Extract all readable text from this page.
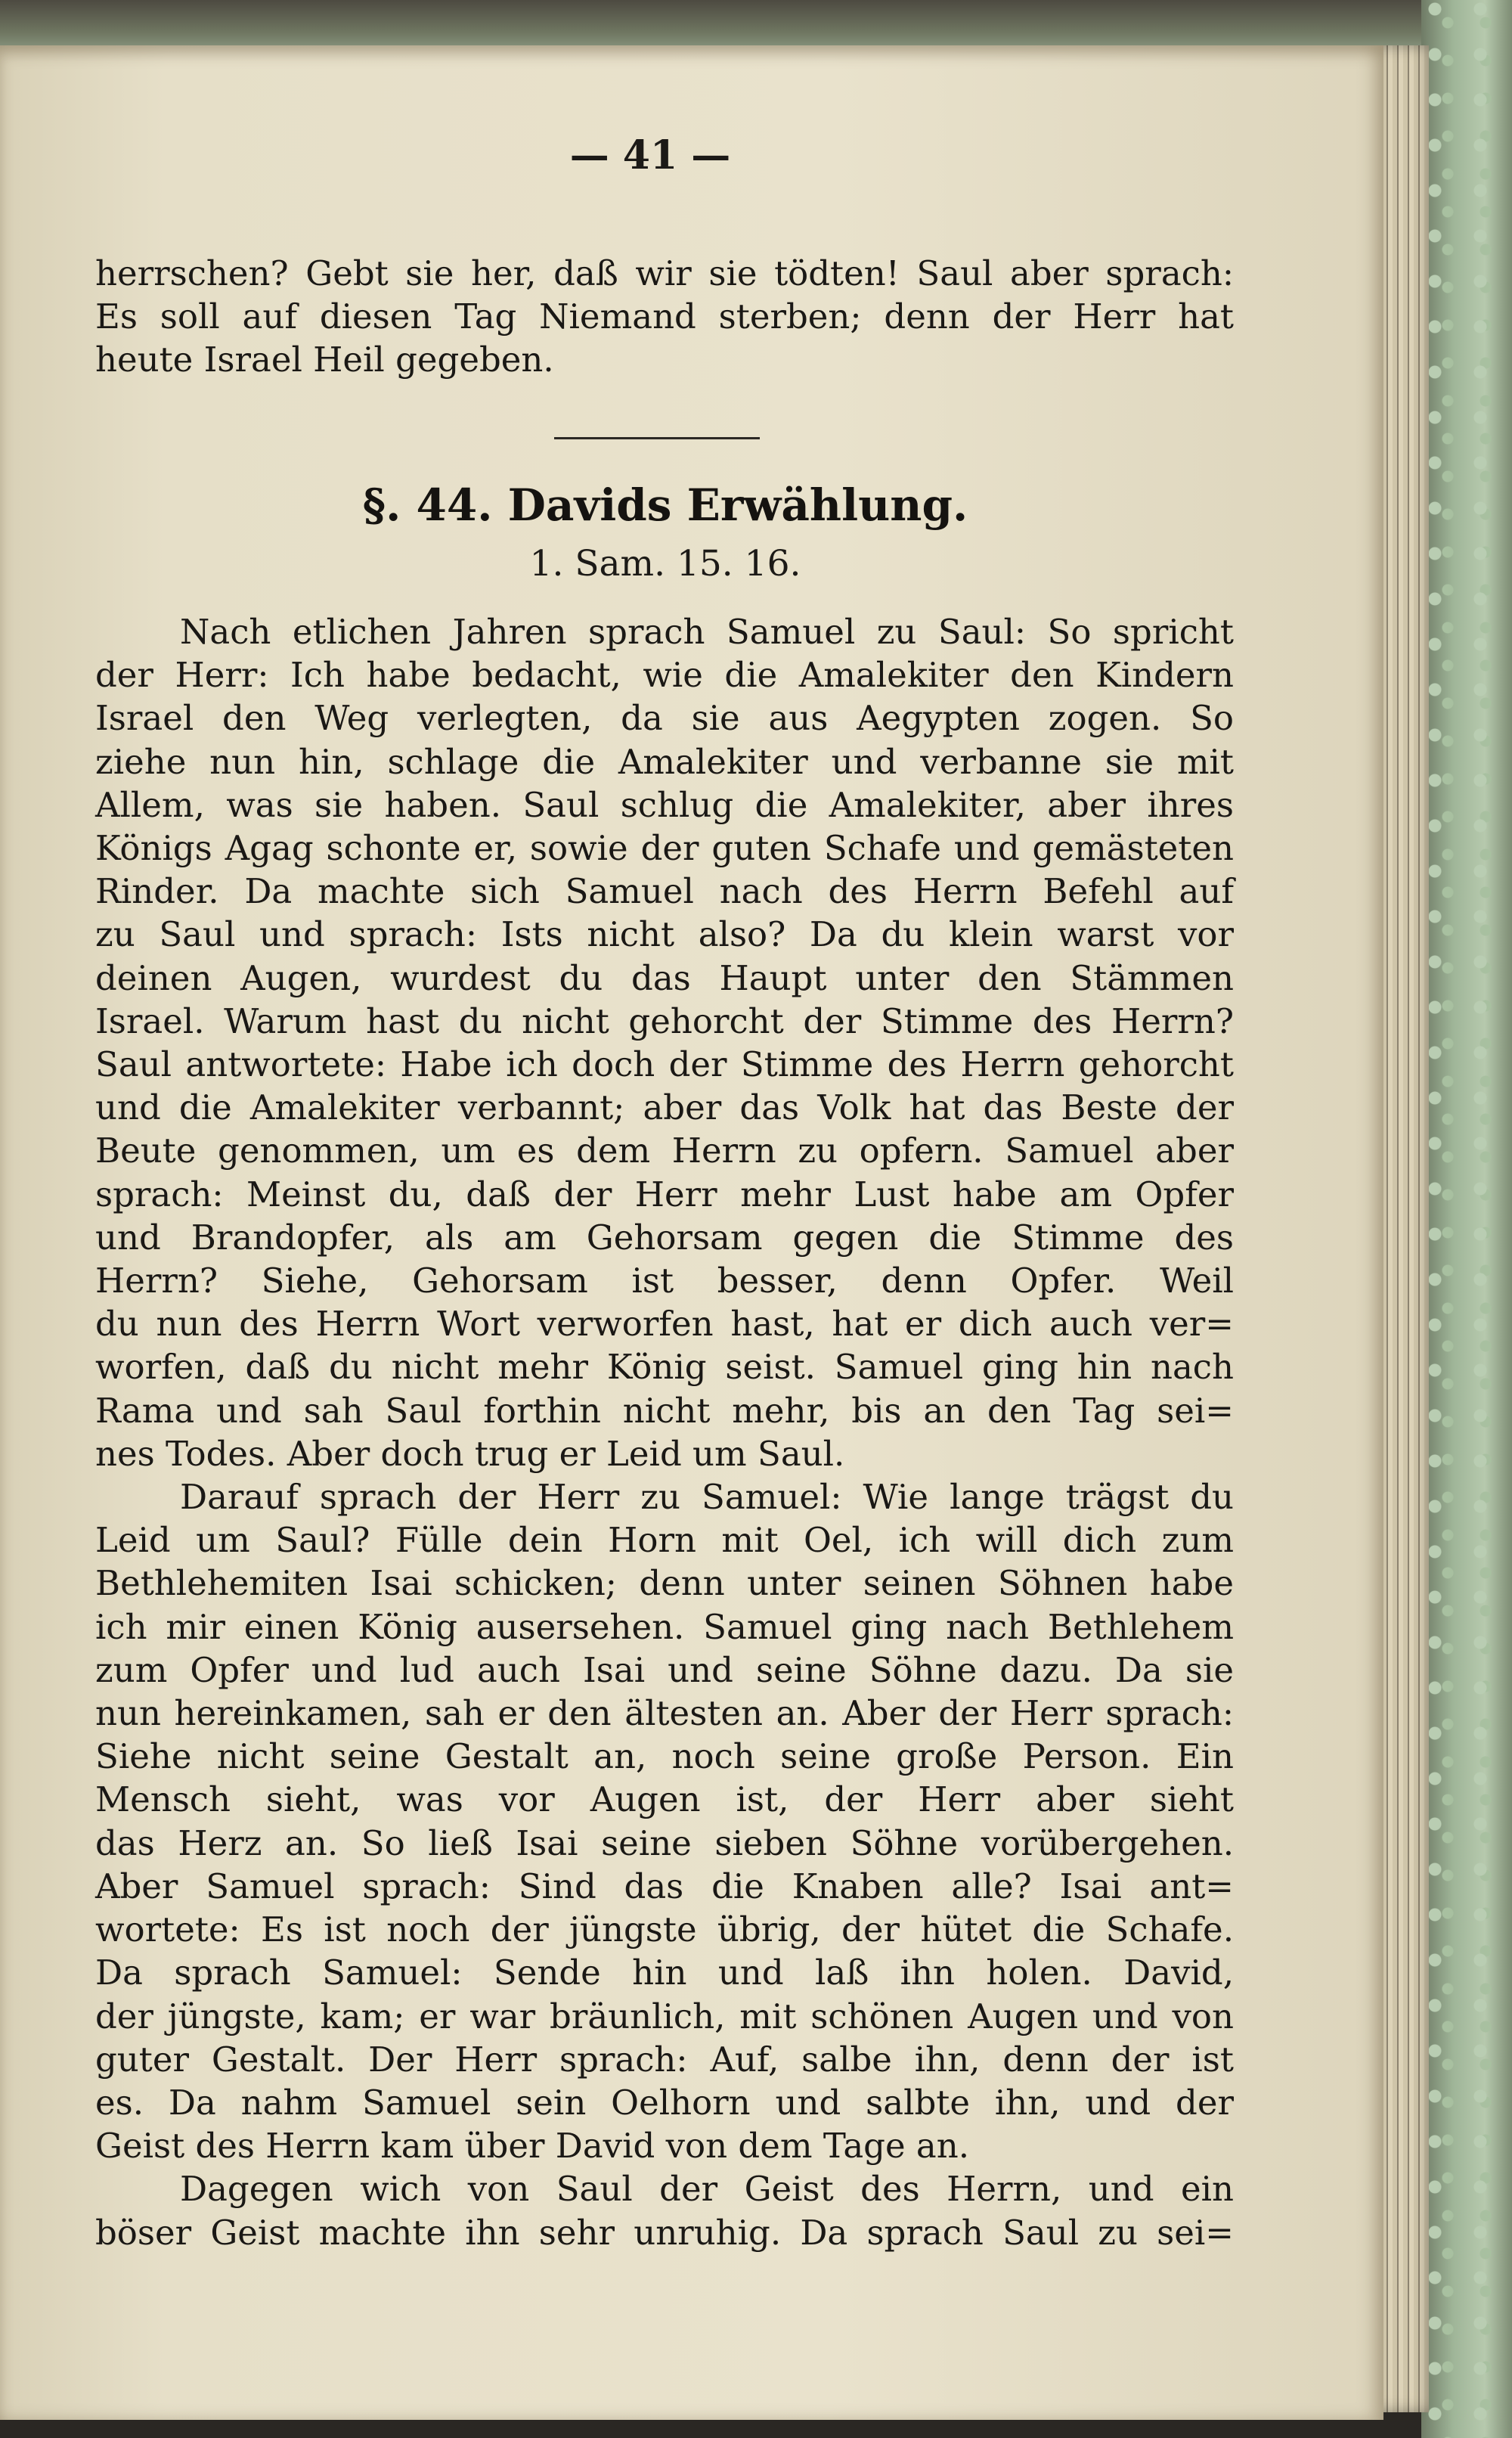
— 41 —
herrschen? Gebt sie her, daß wir sie tödten! Saul aber sprach:
Es soll auf diesen Tag Niemand sterben; denn der Herr hat
heute Israel Heil gegeben.
§. 44. Davids Erwählung.
1. Sam. 15. 16.
Nach etlichen Jahren sprach Samuel zu Saul: So spricht
der Herr: Ich habe bedacht, wie die Amalekiter den Kindern
Israel den Weg verlegten, da sie aus Aegypten zogen. So
ziehe nun hin, schlage die Amalekiter und verbanne sie mit
Allem, was sie haben. Saul schlug die Amalekiter, aber ihres
Königs Agag schonte er, sowie der guten Schafe und gemästeten
Rinder. Da machte sich Samuel nach des Herrn Befehl auf
zu Saul und sprach: Ists nicht also? Da du klein warst vor
deinen Augen, wurdest du das Haupt unter den Stämmen
Israel. Warum hast du nicht gehorcht der Stimme des Herrn?
Saul antwortete: Habe ich doch der Stimme des Herrn gehorcht
und die Amalekiter verbannt; aber das Volk hat das Beste der
Beute genommen, um es dem Herrn zu opfern. Samuel aber
sprach: Meinst du, daß der Herr mehr Lust habe am Opfer
und Brandopfer, als am Gehorsam gegen die Stimme des
Herrn? Siehe, Gehorsam ist besser, denn Opfer. Weil
du nun des Herrn Wort verworfen hast, hat er dich auch ver=
worfen, daß du nicht mehr König seist. Samuel ging hin nach
Rama und sah Saul forthin nicht mehr, bis an den Tag sei=
nes Todes. Aber doch trug er Leid um Saul.
Darauf sprach der Herr zu Samuel: Wie lange trägst du
Leid um Saul? Fülle dein Horn mit Oel, ich will dich zum
Bethlehemiten Isai schicken; denn unter seinen Söhnen habe
ich mir einen König ausersehen. Samuel ging nach Bethlehem
zum Opfer und lud auch Isai und seine Söhne dazu. Da sie
nun hereinkamen, sah er den ältesten an. Aber der Herr sprach:
Siehe nicht seine Gestalt an, noch seine große Person. Ein
Mensch sieht, was vor Augen ist, der Herr aber sieht
das Herz an. So ließ Isai seine sieben Söhne vorübergehen.
Aber Samuel sprach: Sind das die Knaben alle? Isai ant=
wortete: Es ist noch der jüngste übrig, der hütet die Schafe.
Da sprach Samuel: Sende hin und laß ihn holen. David,
der jüngste, kam; er war bräunlich, mit schönen Augen und von
guter Gestalt. Der Herr sprach: Auf, salbe ihn, denn der ist
es. Da nahm Samuel sein Oelhorn und salbte ihn, und der
Geist des Herrn kam über David von dem Tage an.
Dagegen wich von Saul der Geist des Herrn, und ein
böser Geist machte ihn sehr unruhig. Da sprach Saul zu sei=
